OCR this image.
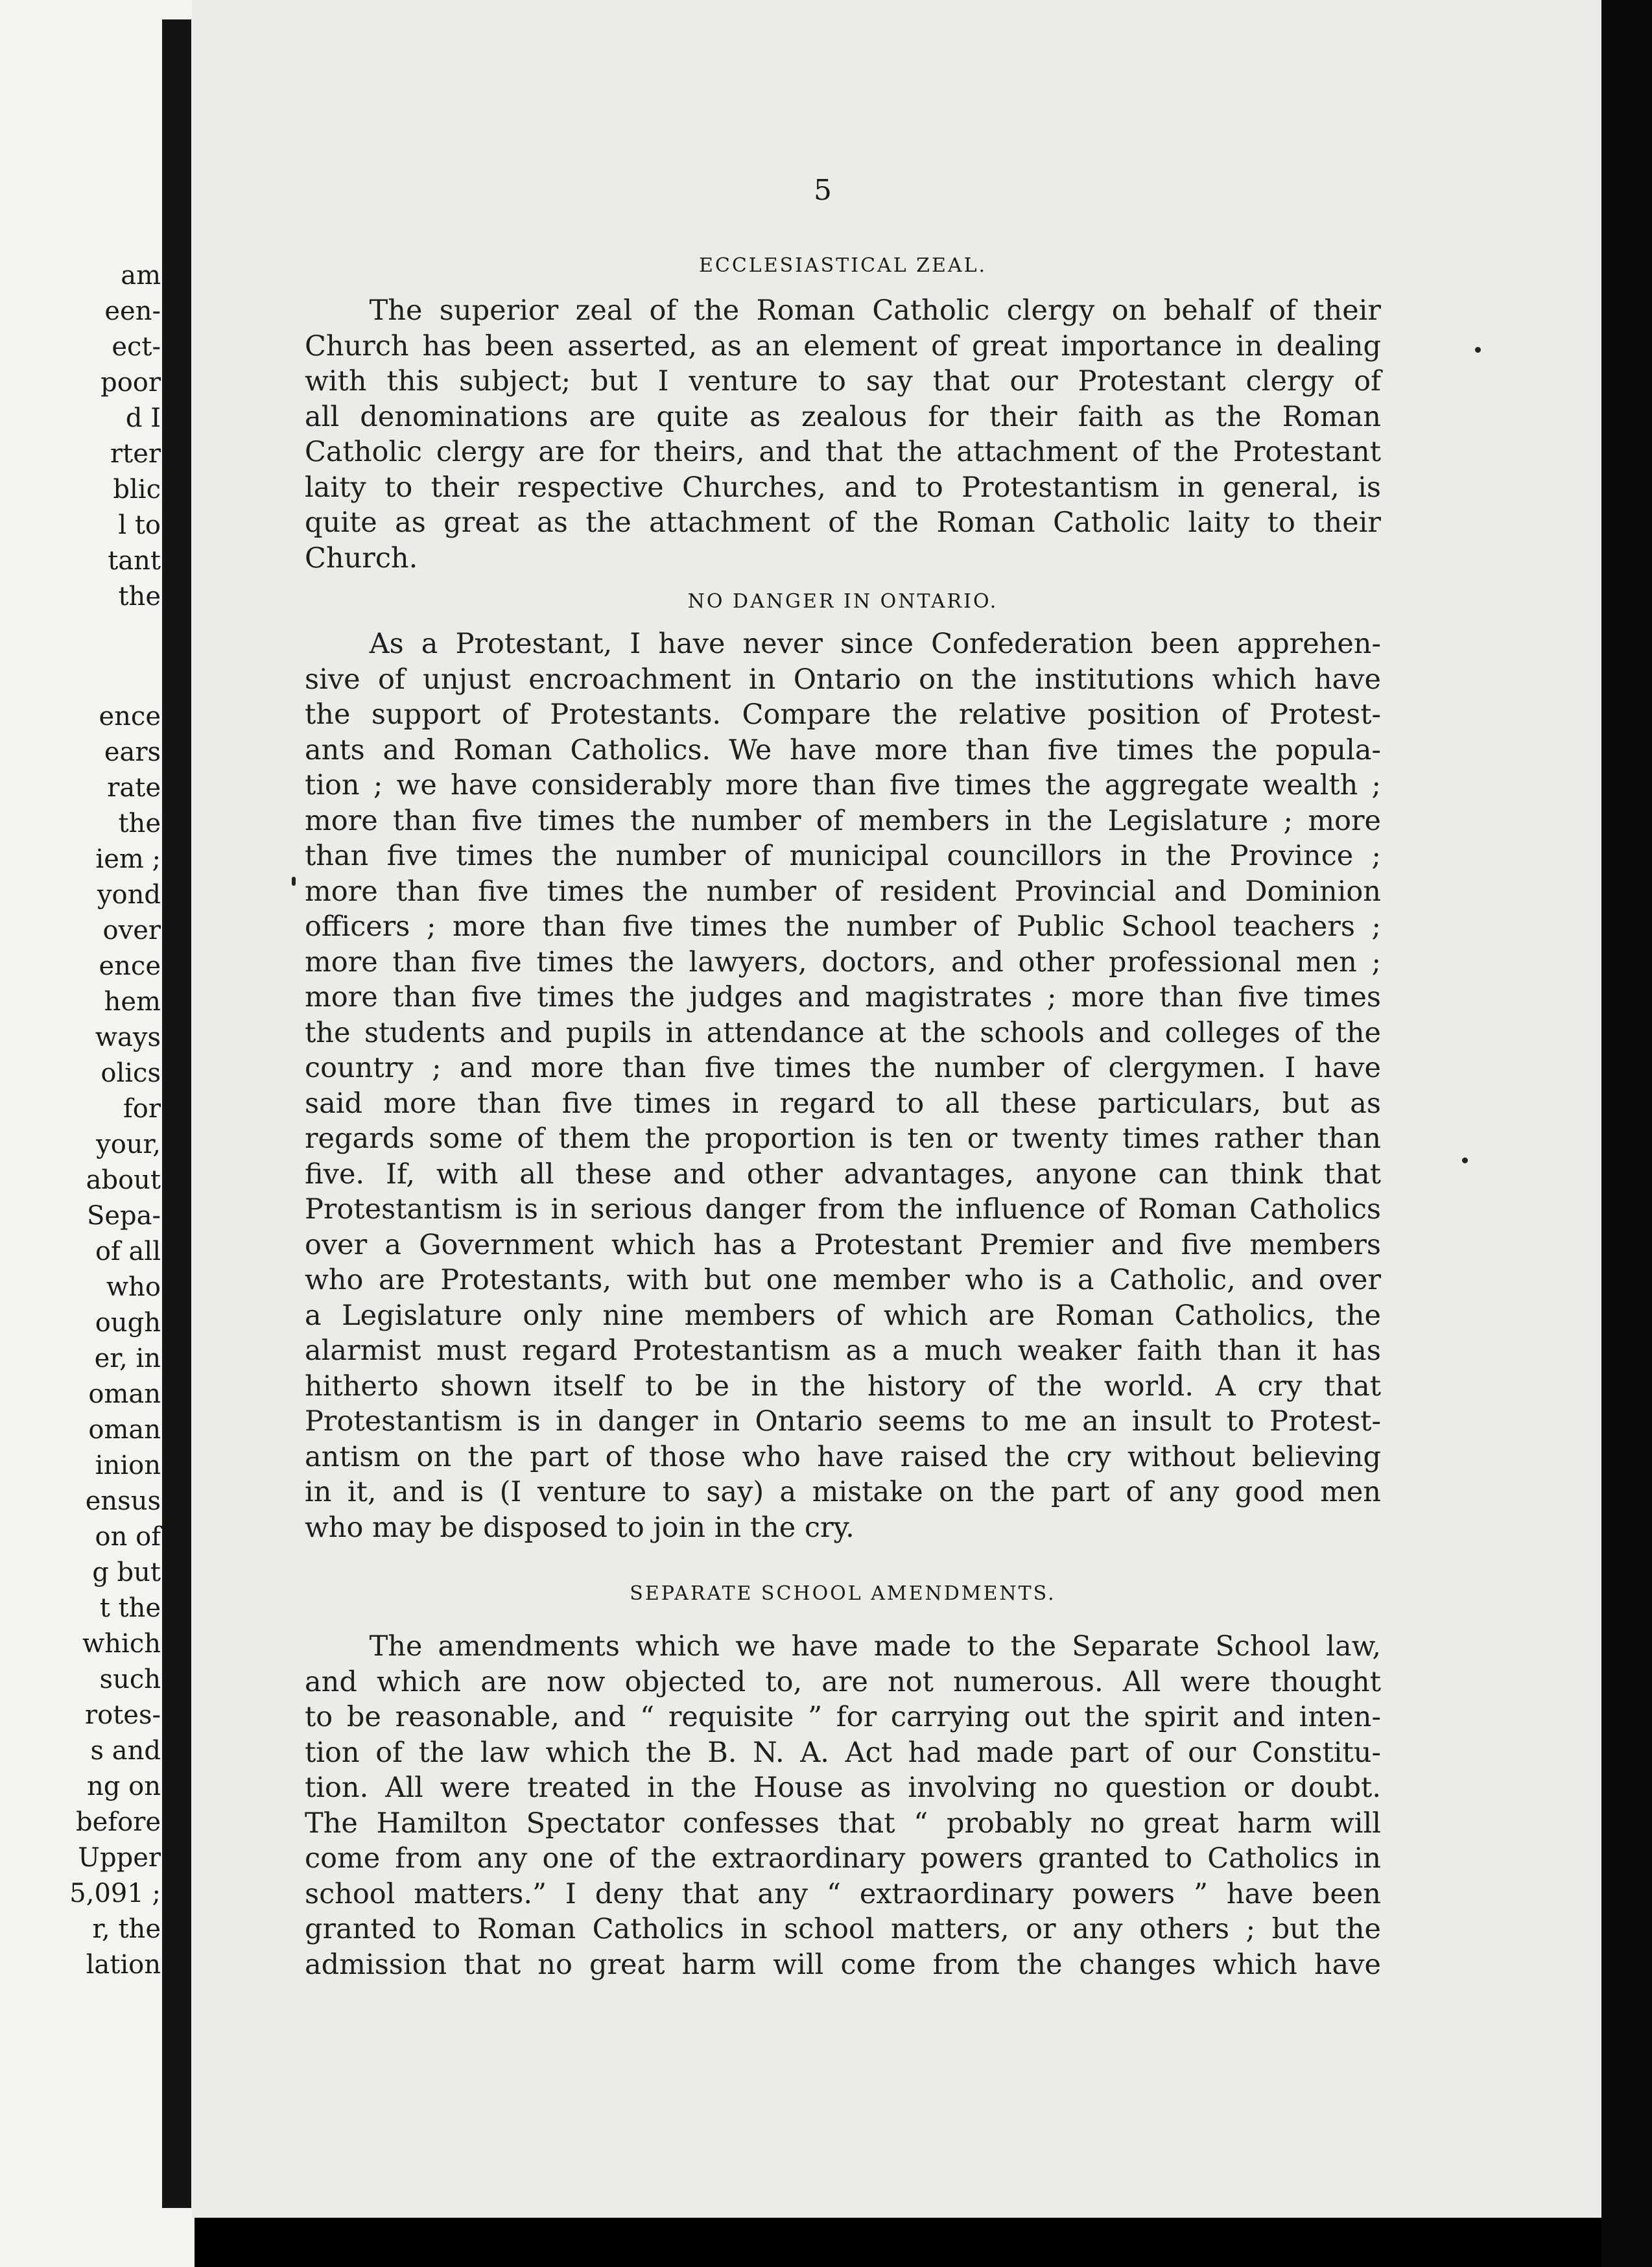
am
een-
ect-
poor
d I
rter
blic
l to
tant
the
ence
ears
rate
the
iem ;
yond
over
ence
hem
ways
olics
for
your,
about
Sepa-
of all
who
ough
er, in
oman
oman
inion
ensus
on of
g but
t the
which
such
rotes-
s and
ng on
before
Upper
5,091 ;
r, the
lation
5
ECCLESIASTICAL ZEAL.
The superior zeal of the Roman Catholic clergy on behalf of their
Church has been asserted, as an element of great importance in dealing
with this subject; but I venture to say that our Protestant clergy of
all denominations are quite as zealous for their faith as the Roman
Catholic clergy are for theirs, and that the attachment of the Protestant
laity to their respective Churches, and to Protestantism in general, is
quite as great as the attachment of the Roman Catholic laity to their
Church.
NO DANGER IN ONTARIO.
As a Protestant, I have never since Confederation been apprehen-
sive of unjust encroachment in Ontario on the institutions which have
the support of Protestants. Compare the relative position of Protest-
ants and Roman Catholics. We have more than five times the popula-
tion ; we have considerably more than five times the aggregate wealth ;
more than five times the number of members in the Legislature ; more
than five times the number of municipal councillors in the Province ;
more than five times the number of resident Provincial and Dominion
officers ; more than five times the number of Public School teachers ;
more than five times the lawyers, doctors, and other professional men ;
more than five times the judges and magistrates ; more than five times
the students and pupils in attendance at the schools and colleges of the
country ; and more than five times the number of clergymen. I have
said more than five times in regard to all these particulars, but as
regards some of them the proportion is ten or twenty times rather than
five. If, with all these and other advantages, anyone can think that
Protestantism is in serious danger from the influence of Roman Catholics
over a Government which has a Protestant Premier and five members
who are Protestants, with but one member who is a Catholic, and over
a Legislature only nine members of which are Roman Catholics, the
alarmist must regard Protestantism as a much weaker faith than it has
hitherto shown itself to be in the history of the world. A cry that
Protestantism is in danger in Ontario seems to me an insult to Protest-
antism on the part of those who have raised the cry without believing
in it, and is (I venture to say) a mistake on the part of any good men
who may be disposed to join in the cry.
SEPARATE SCHOOL AMENDMENTS.
The amendments which we have made to the Separate School law,
and which are now objected to, are not numerous. All were thought
to be reasonable, and “ requisite ” for carrying out the spirit and inten-
tion of the law which the B. N. A. Act had made part of our Constitu-
tion. All were treated in the House as involving no question or doubt.
The Hamilton Spectator confesses that “ probably no great harm will
come from any one of the extraordinary powers granted to Catholics in
school matters.” I deny that any “ extraordinary powers ” have been
granted to Roman Catholics in school matters, or any others ; but the
admission that no great harm will come from the changes which have
